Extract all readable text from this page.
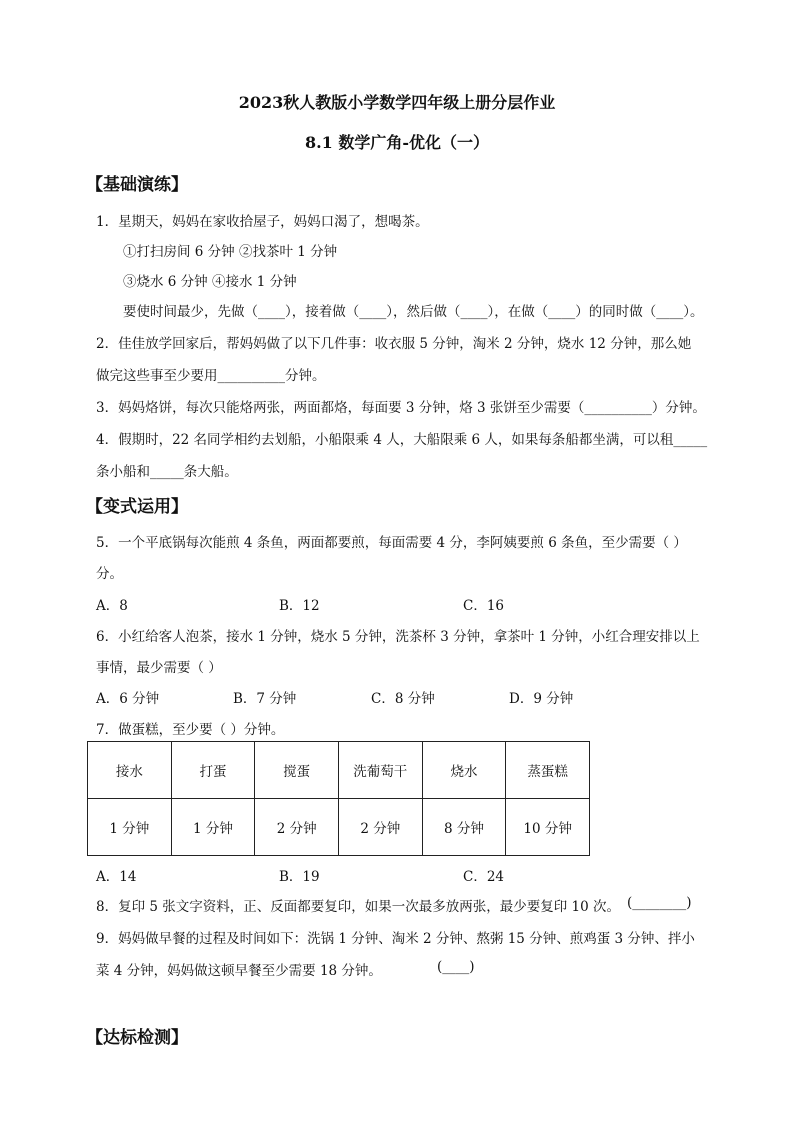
2023秋人教版小学数学四年级上册分层作业
8.1 数学广角-优化（一）
【基础演练】
1．星期天，妈妈在家收拾屋子，妈妈口渴了，想喝茶。
①打扫房间 6 分钟 ②找茶叶 1 分钟
③烧水 6 分钟 ④接水 1 分钟
要使时间最少，先做（____），接着做（____），然后做（____），在做（____）的同时做（____）。
2．佳佳放学回家后，帮妈妈做了以下几件事：收衣服 5 分钟，淘米 2 分钟，烧水 12 分钟，那么她
做完这些事至少要用__________分钟。
3．妈妈烙饼，每次只能烙两张，两面都烙，每面要 3 分钟，烙 3 张饼至少需要（__________）分钟。
4．假期时，22 名同学相约去划船，小船限乘 4 人，大船限乘 6 人，如果每条船都坐满，可以租_____
条小船和_____条大船。
【变式运用】
5．一个平底锅每次能煎 4 条鱼，两面都要煎，每面需要 4 分，李阿姨要煎 6 条鱼，至少需要（ ）
分。
A．8	B．12	C．16
6．小红给客人泡茶，接水 1 分钟，烧水 5 分钟，洗茶杯 3 分钟，拿茶叶 1 分钟，小红合理安排以上
事情，最少需要（ ）
A．6 分钟	B．7 分钟	C．8 分钟	D．9 分钟
7．做蛋糕，至少要（ ）分钟。
接水	打蛋	搅蛋	洗葡萄干	烧水	蒸蛋糕
1 分钟	1 分钟	2 分钟	2 分钟	8 分钟	10 分钟
A．14	B．19	C．24
8．复印 5 张文字资料，正、反面都要复印，如果一次最多放两张，最少要复印 10 次。 (________)
9．妈妈做早餐的过程及时间如下：洗锅 1 分钟、淘米 2 分钟、熬粥 15 分钟、煎鸡蛋 3 分钟、拌小
菜 4 分钟，妈妈做这顿早餐至少需要 18 分钟。	(____)
【达标检测】
